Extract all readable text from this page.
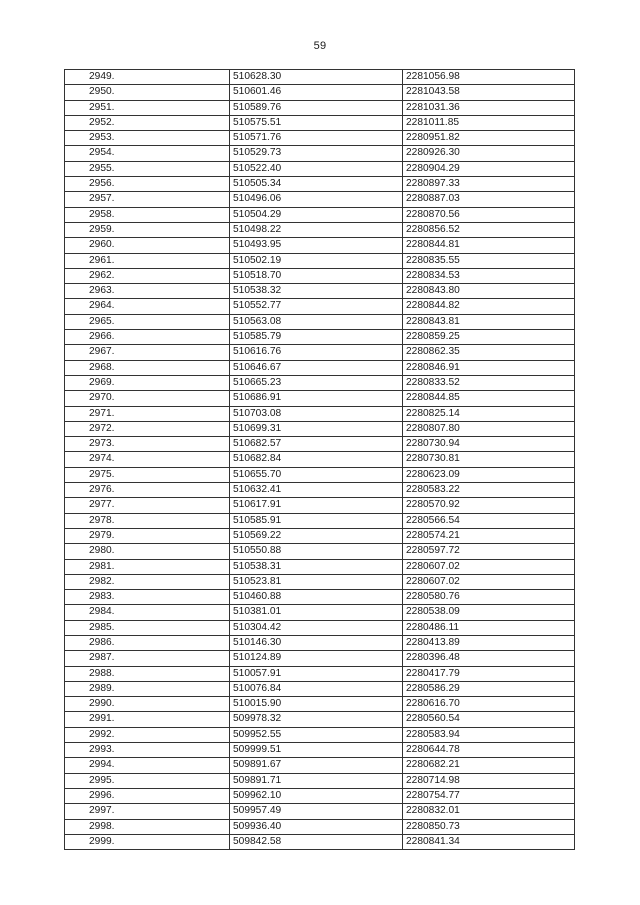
59
2949.	510628.30	2281056.98
2950.	510601.46	2281043.58
2951.	510589.76	2281031.36
2952.	510575.51	2281011.85
2953.	510571.76	2280951.82
2954.	510529.73	2280926.30
2955.	510522.40	2280904.29
2956.	510505.34	2280897.33
2957.	510496.06	2280887.03
2958.	510504.29	2280870.56
2959.	510498.22	2280856.52
2960.	510493.95	2280844.81
2961.	510502.19	2280835.55
2962.	510518.70	2280834.53
2963.	510538.32	2280843.80
2964.	510552.77	2280844.82
2965.	510563.08	2280843.81
2966.	510585.79	2280859.25
2967.	510616.76	2280862.35
2968.	510646.67	2280846.91
2969.	510665.23	2280833.52
2970.	510686.91	2280844.85
2971.	510703.08	2280825.14
2972.	510699.31	2280807.80
2973.	510682.57	2280730.94
2974.	510682.84	2280730.81
2975.	510655.70	2280623.09
2976.	510632.41	2280583.22
2977.	510617.91	2280570.92
2978.	510585.91	2280566.54
2979.	510569.22	2280574.21
2980.	510550.88	2280597.72
2981.	510538.31	2280607.02
2982.	510523.81	2280607.02
2983.	510460.88	2280580.76
2984.	510381.01	2280538.09
2985.	510304.42	2280486.11
2986.	510146.30	2280413.89
2987.	510124.89	2280396.48
2988.	510057.91	2280417.79
2989.	510076.84	2280586.29
2990.	510015.90	2280616.70
2991.	509978.32	2280560.54
2992.	509952.55	2280583.94
2993.	509999.51	2280644.78
2994.	509891.67	2280682.21
2995.	509891.71	2280714.98
2996.	509962.10	2280754.77
2997.	509957.49	2280832.01
2998.	509936.40	2280850.73
2999.	509842.58	2280841.34
